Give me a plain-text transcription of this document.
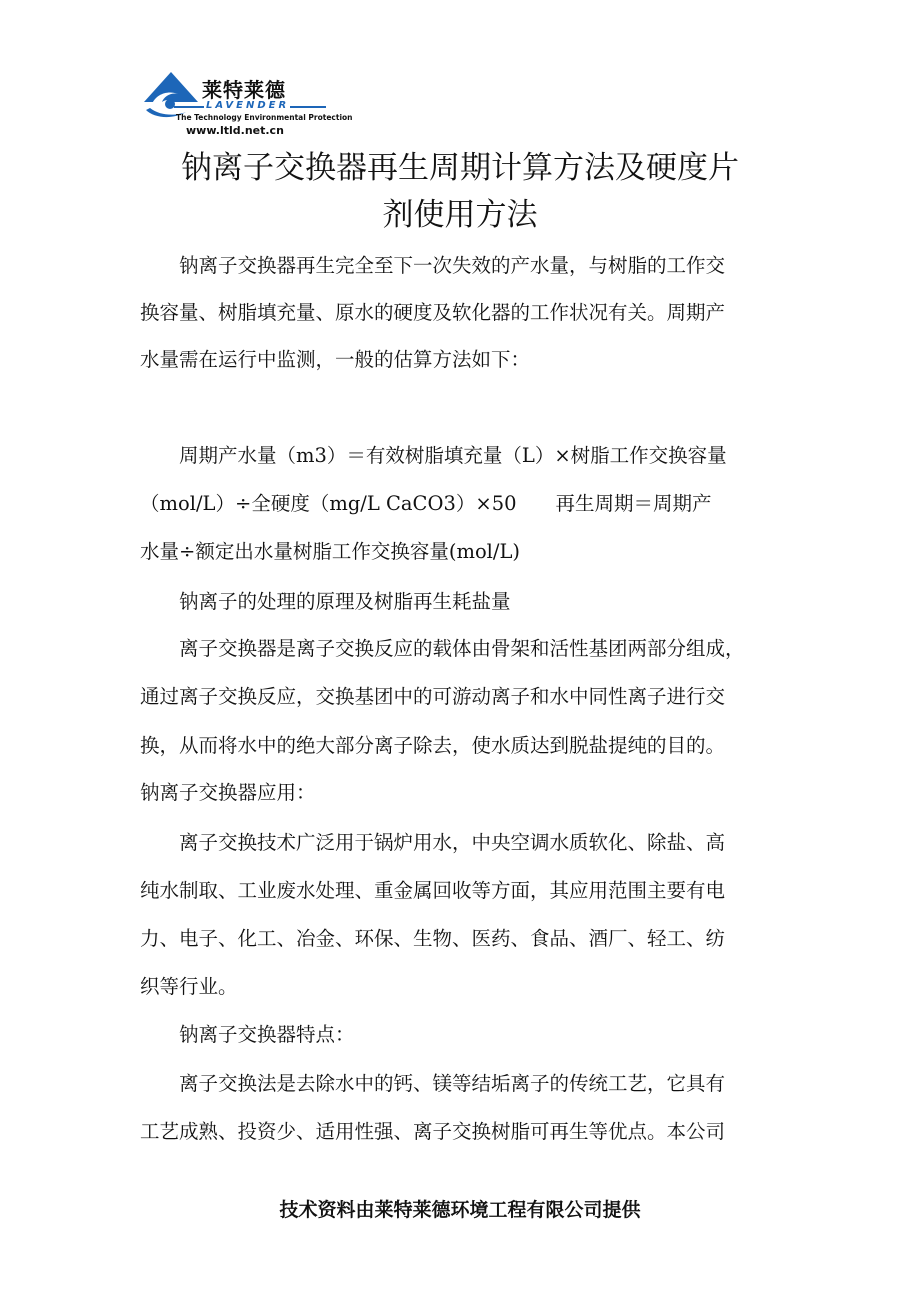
莱特莱德
LAVENDER
The Technology Environmental Protection
www.ltld.net.cn
钠离子交换器再生周期计算方法及硬度片
剂使用方法
　　钠离子交换器再生完全至下一次失效的产水量，与树脂的工作交
换容量、树脂填充量、原水的硬度及软化器的工作状况有关。周期产
水量需在运行中监测，一般的估算方法如下：
　　周期产水量（m3）＝有效树脂填充量（L）×树脂工作交换容量
（mol/L）÷全硬度（mg/L CaCO3）×50　　再生周期＝周期产
水量÷额定出水量树脂工作交换容量(mol/L)
　　钠离子的处理的原理及树脂再生耗盐量
　　离子交换器是离子交换反应的载体由骨架和活性基团两部分组成，
通过离子交换反应，交换基团中的可游动离子和水中同性离子进行交
换，从而将水中的绝大部分离子除去，使水质达到脱盐提纯的目的。
钠离子交换器应用：
　　离子交换技术广泛用于锅炉用水，中央空调水质软化、除盐、高
纯水制取、工业废水处理、重金属回收等方面，其应用范围主要有电
力、电子、化工、冶金、环保、生物、医药、食品、酒厂、轻工、纺
织等行业。
　　钠离子交换器特点：
　　离子交换法是去除水中的钙、镁等结垢离子的传统工艺，它具有
工艺成熟、投资少、适用性强、离子交换树脂可再生等优点。本公司
技术资料由莱特莱德环境工程有限公司提供
